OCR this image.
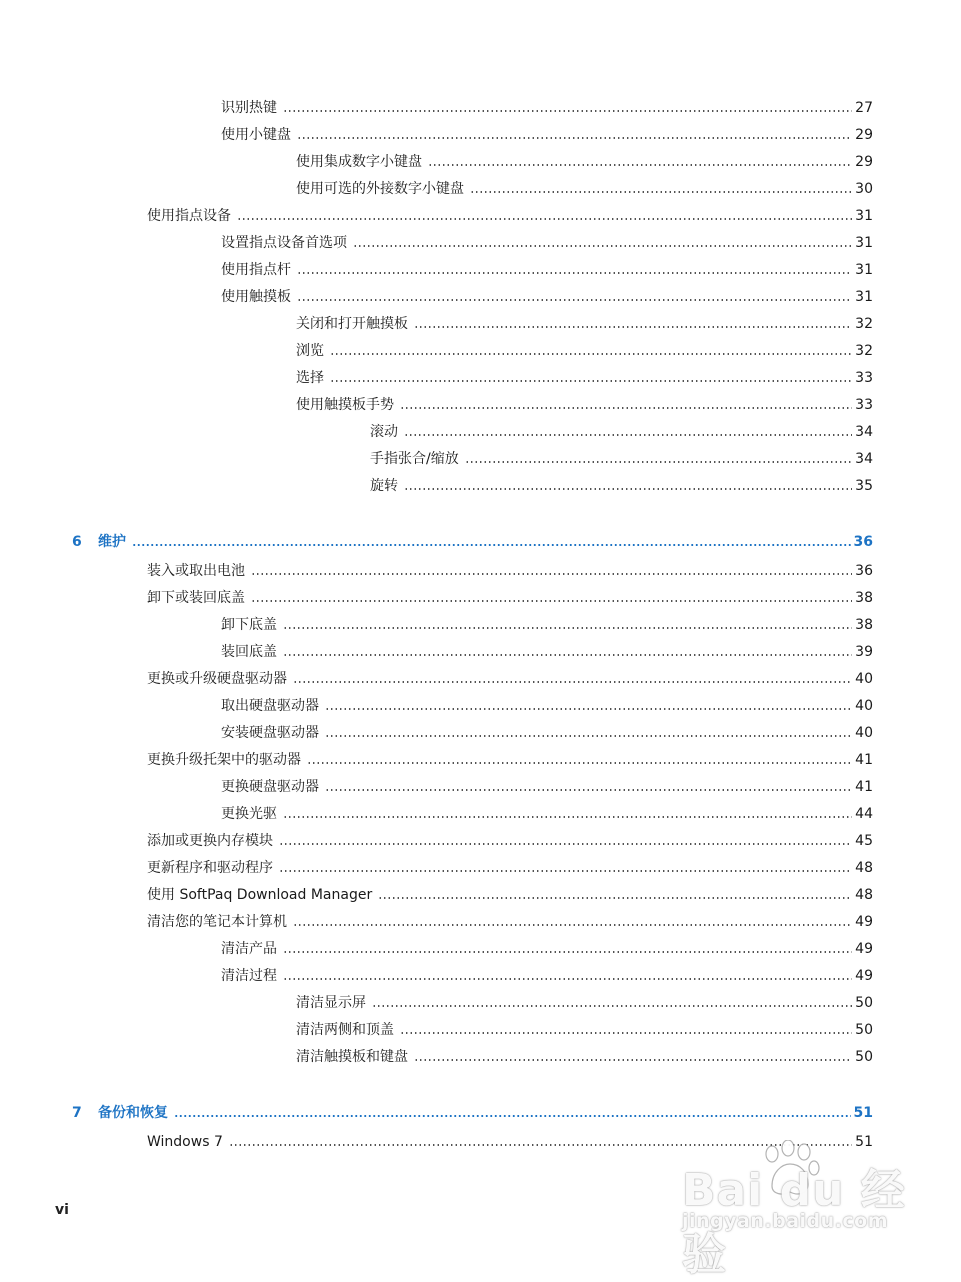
识别热键	27
使用小键盘	29
使用集成数字小键盘	29
使用可选的外接数字小键盘	30
使用指点设备	31
设置指点设备首选项	31
使用指点杆	31
使用触摸板	31
关闭和打开触摸板	32
浏览	32
选择	33
使用触摸板手势	33
滚动	34
手指张合/缩放	34
旋转	35
6 维护	36
装入或取出电池	36
卸下或装回底盖	38
卸下底盖	38
装回底盖	39
更换或升级硬盘驱动器	40
取出硬盘驱动器	40
安装硬盘驱动器	40
更换升级托架中的驱动器	41
更换硬盘驱动器	41
更换光驱	44
添加或更换内存模块	45
更新程序和驱动程序	48
使用 SoftPaq Download Manager	48
清洁您的笔记本计算机	49
清洁产品	49
清洁过程	49
清洁显示屏	50
清洁两侧和顶盖	50
清洁触摸板和键盘	50
7 备份和恢复	51
Windows 7	51
vi	Bai du 经验
jingyan.baidu.com
